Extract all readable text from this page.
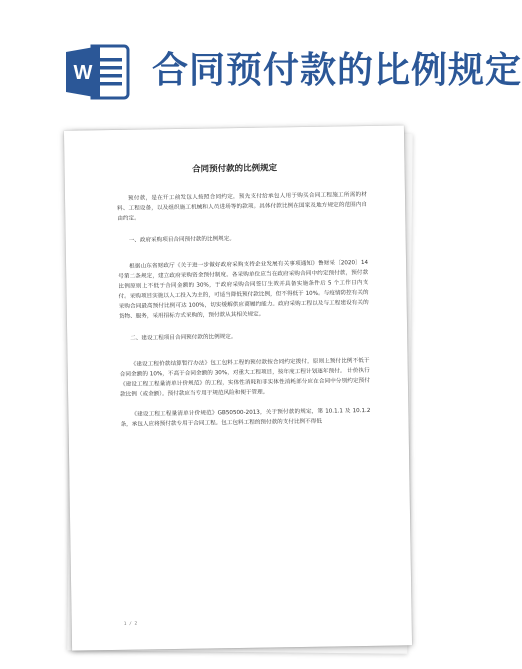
W 合同预付款的比例规定
合同预付款的比例规定

预付款，是在开工前发包人按照合同约定，预先支付给承包人用于购买合同工程施工所需的材料、工程设备，以及组织施工机械和人员进场等的款项。具体付款比例在国家及地方规定的范围内自由约定。

一、政府采购项目合同预付款的比例规定。

根据山东省财政厅《关于进一步做好政府采购支持企业发展有关事项通知》鲁财采〔2020〕14 号第二条规定，建立政府采购资金预付制度。各采购单位应当在政府采购合同中约定预付款，预付款比例原则上不低于合同金额的 30%，于政府采购合同签订生效并具备实施条件后 5 个工作日内支付。采购项目实施以人工投入为主的，可适当降低预付款比例，但不得低于 10%。与疫情防控有关的采购合同最高预付比例可达 100%，切实缓解供应商履约能力。政府采购工程以及与工程建设有关的货物、服务，采用招标方式采购的，预付款从其相关规定。

二、建设工程项目合同预付款的比例规定。

《建设工程价款结算暂行办法》包工包料工程的预付款按合同约定拨付，原则上预付比例不低于合同金额的 10%，不高于合同金额的 30%，对重大工程项目，按年度工程计划逐年预付。 计价执行《建设工程工程量清单计价规范》的工程，实体性消耗和非实体性消耗部分应在合同中分别约定预付款比例（或金额）。预付款应当专用于规范风险和便于管理。

《建设工程工程量清单计价规范》GB50500-2013，关于预付款的规定，第 10.1.1 及 10.1.2 条，承包人应将预付款专用于合同工程。包工包料工程的预付款的支付比例不得低

1 / 2
